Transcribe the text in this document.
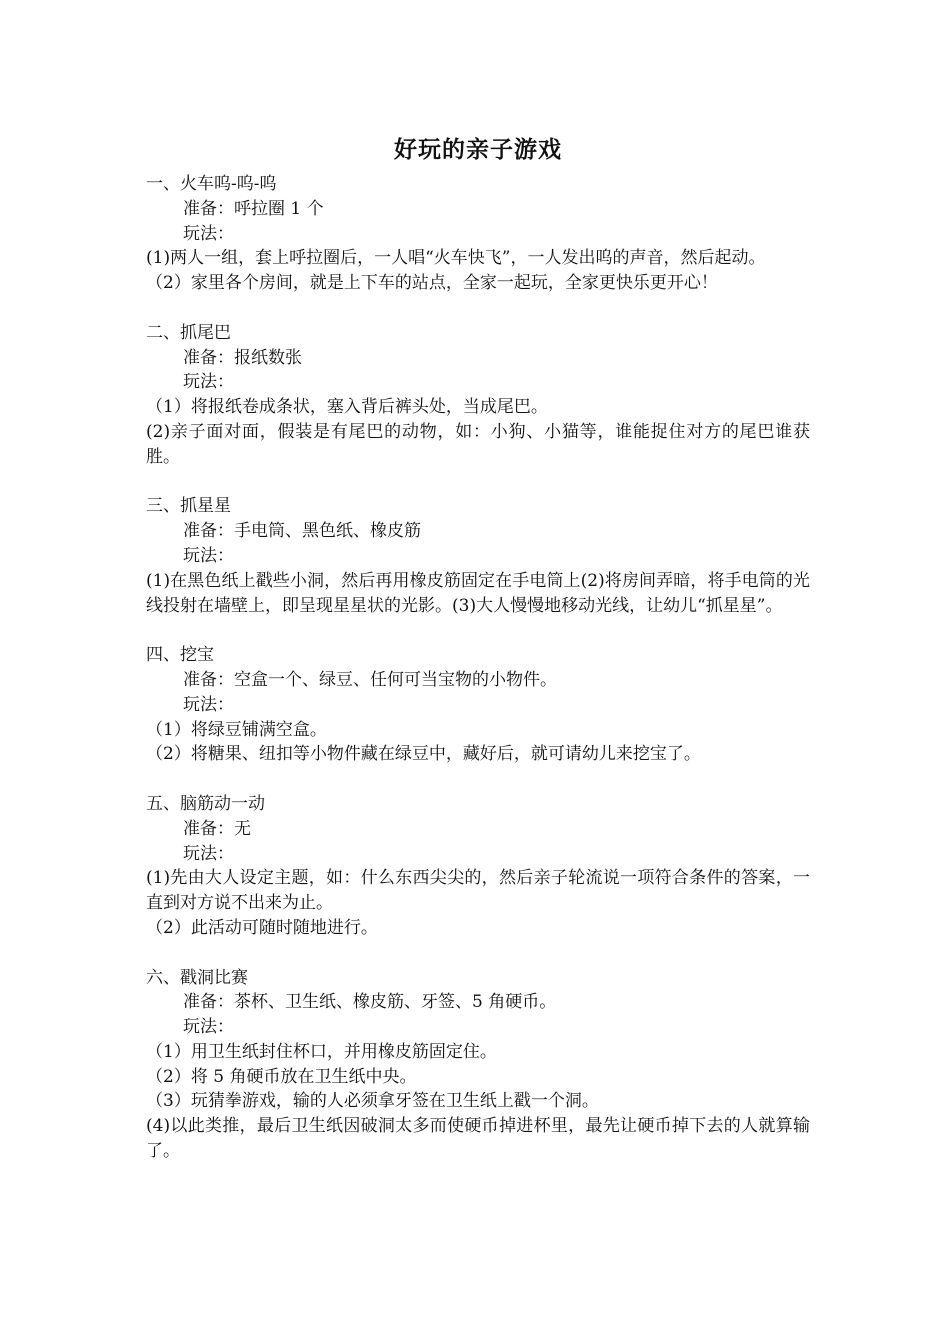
好玩的亲子游戏

一、火车呜-呜-呜

准备：呼拉圈 1 个

玩法：

(1)两人一组，套上呼拉圈后，一人唱“火车快飞”，一人发出呜的声音，然后起动。

（2）家里各个房间，就是上下车的站点，全家一起玩，全家更快乐更开心！

二、抓尾巴

准备：报纸数张

玩法：

（1）将报纸卷成条状，塞入背后裤头处，当成尾巴。

(2)亲子面对面，假装是有尾巴的动物，如：小狗、小猫等，谁能捉住对方的尾巴谁获胜。

三、抓星星

准备：手电筒、黑色纸、橡皮筋

玩法：

(1)在黑色纸上戳些小洞，然后再用橡皮筋固定在手电筒上(2)将房间弄暗，将手电筒的光线投射在墙壁上，即呈现星星状的光影。(3)大人慢慢地移动光线，让幼儿“抓星星”。

四、挖宝

准备：空盒一个、绿豆、任何可当宝物的小物件。

玩法：

（1）将绿豆铺满空盒。

（2）将糖果、纽扣等小物件藏在绿豆中，藏好后，就可请幼儿来挖宝了。

五、脑筋动一动

准备：无

玩法：

(1)先由大人设定主题，如：什么东西尖尖的，然后亲子轮流说一项符合条件的答案，一直到对方说不出来为止。

（2）此活动可随时随地进行。

六、戳洞比赛

准备：茶杯、卫生纸、橡皮筋、牙签、5 角硬币。

玩法：

（1）用卫生纸封住杯口，并用橡皮筋固定住。

（2）将 5 角硬币放在卫生纸中央。

（3）玩猜拳游戏，输的人必须拿牙签在卫生纸上戳一个洞。

(4)以此类推，最后卫生纸因破洞太多而使硬币掉进杯里，最先让硬币掉下去的人就算输了。
